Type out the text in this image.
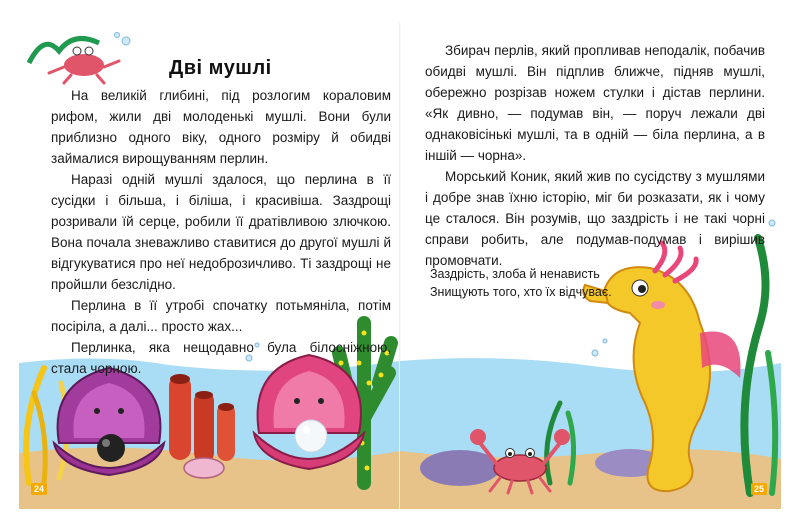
Дві мушлі

На великій глибині, під розлогим кораловим рифом, жили дві молоденькі мушлі. Вони були приблизно одного віку, одного розміру й обидві займалися вирощуванням перлин.

Наразі одній мушлі здалося, що перлина в її сусідки і більша, і біліша, і красивіша. Заздрощі розривали їй серце, робили її дратівливою злючкою. Вона почала зневажливо ставитися до другої мушлі й відгукуватися про неї недоброзичливо. Ті заздрощі не пройшли безслідно.

Перлина в її утробі спочатку потьмяніла, потім посіріла, а далі... просто жах...

Перлинка, яка нещодавно була білосніжною, стала чорною.

24

Збирач перлів, який пропливав неподалік, побачив обидві мушлі. Він підплив ближче, підняв мушлі, обережно розрізав ножем стулки і дістав перлини. «Як дивно, — подумав він, — поруч лежали дві однаковісінькі мушлі, та в одній — біла перлина, а в іншій — чорна».

Морський Коник, який жив по сусідству з мушлями і добре знав їхню історію, міг би розказати, як і чому це сталося. Він розумів, що заздрість і не такі чорні справи робить, але подумав-подумав і вирішив промовчати.

Заздрість, злоба й ненависть
Знищують того, хто їх відчуває.
25
